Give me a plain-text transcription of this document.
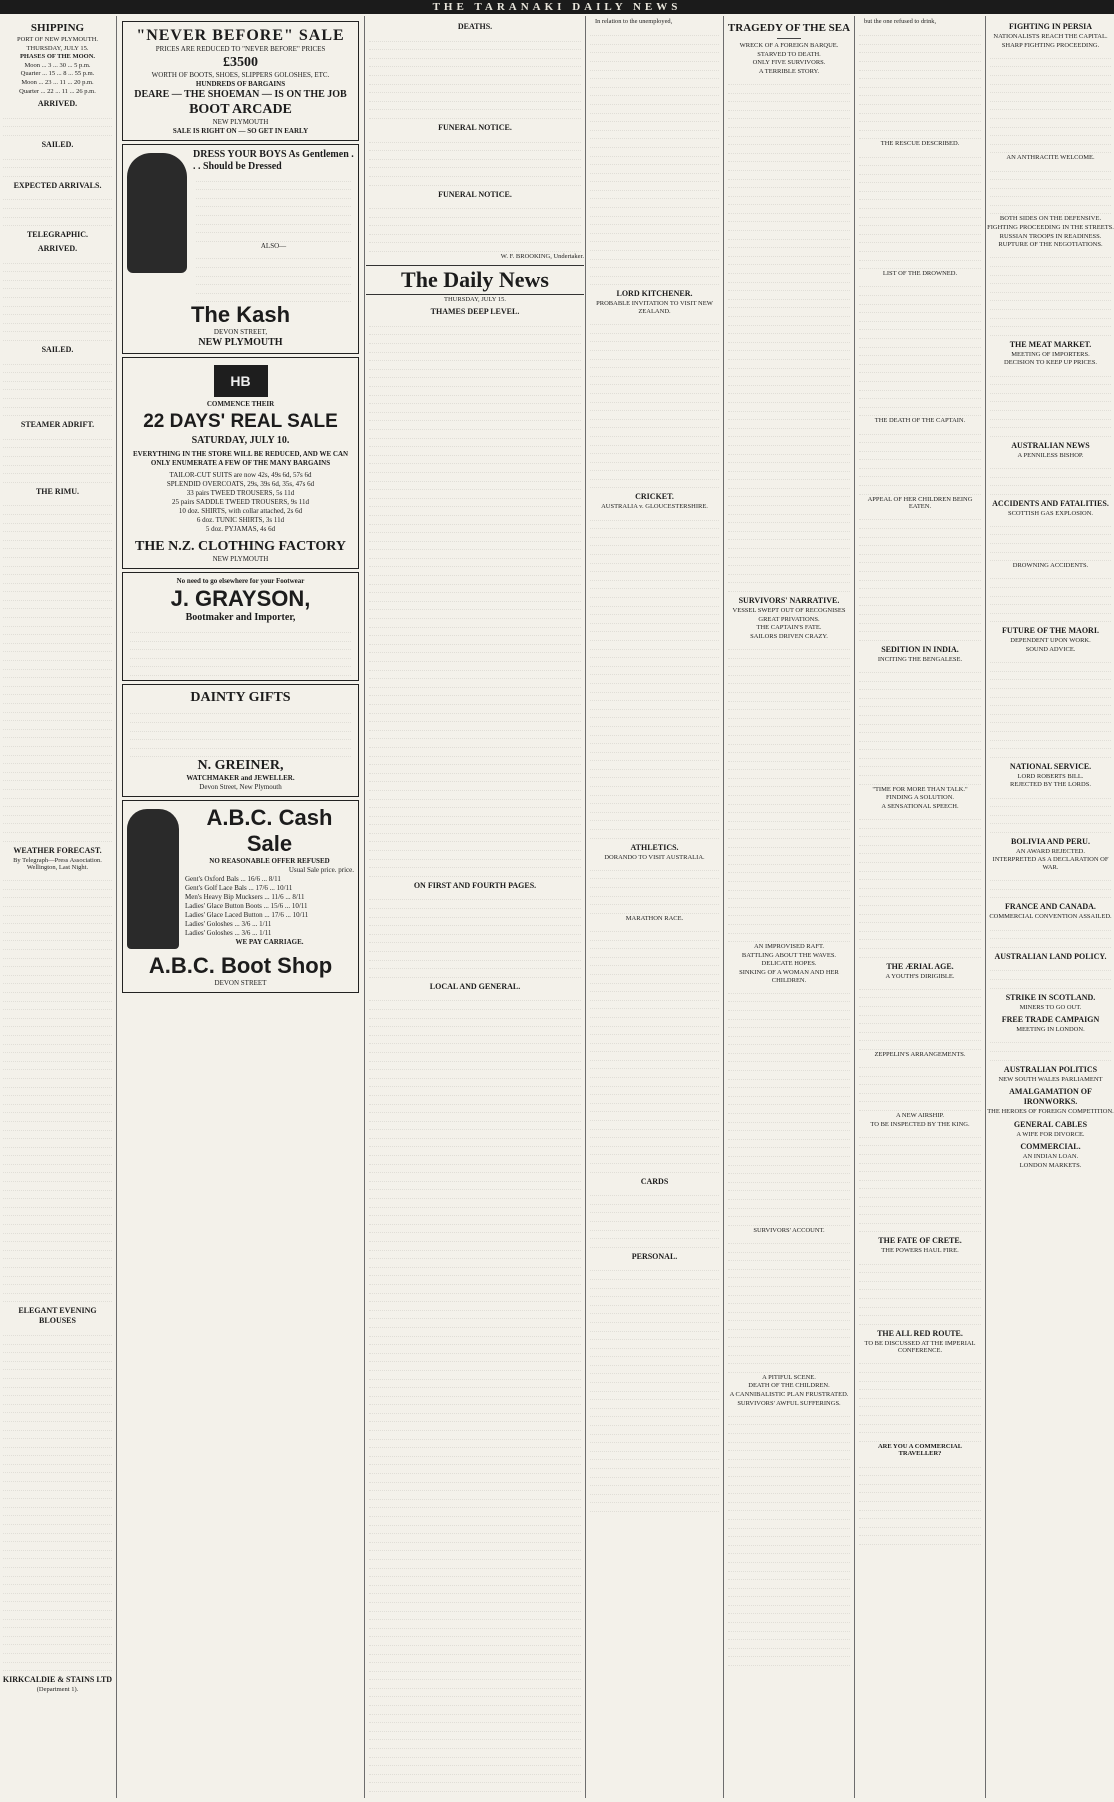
THE TARANAKI DAILY NEWS
SHIPPING
PORT OF NEW PLYMOUTH.
THURSDAY, JULY 15.
PHASES OF THE MOON.
Moon ... 3 ... 30 ... 5 p.m.
Quarter ... 15 ... 8 ... 55 p.m.
Moon ... 23 ... 11 ... 20 p.m.
Quarter ... 22 ... 11 ... 26 p.m.
ARRIVED.
SAILED.
EXPECTED ARRIVALS.
TELEGRAPHIC.
ARRIVED.
SAILED.
STEAMER ADRIFT.
THE RIMU.
WEATHER FORECAST.
By Telegraph—Press Association. Wellington, Last Night.
ELEGANT EVENING BLOUSES
KIRKCALDIE & STAINS LTD
(Department 1).
"NEVER BEFORE" SALE
PRICES ARE REDUCED TO "NEVER BEFORE" PRICES
£3500
WORTH OF BOOTS, SHOES, SLIPPERS GOLOSHES, ETC.
HUNDREDS OF BARGAINS
DEARE — THE SHOEMAN — IS ON THE JOB
BOOT ARCADE
NEW PLYMOUTH
SALE IS RIGHT ON — SO GET IN EARLY
DRESS YOUR BOYS As Gentlemen . . . Should be Dressed
ALSO—
The Kash
DEVON STREET,
NEW PLYMOUTH
HB
COMMENCE THEIR
22 DAYS' REAL SALE
SATURDAY, JULY 10.
EVERYTHING IN THE STORE WILL BE REDUCED, AND WE CAN ONLY ENUMERATE A FEW OF THE MANY BARGAINS
TAILOR-CUT SUITS are now 42s, 49s 6d, 57s 6d
SPLENDID OVERCOATS, 29s, 39s 6d, 35s, 47s 6d
33 pairs TWEED TROUSERS, 5s 11d
25 pairs SADDLE TWEED TROUSERS, 9s 11d
10 doz. SHIRTS, with collar attached, 2s 6d
6 doz. TUNIC SHIRTS, 3s 11d
5 doz. PYJAMAS, 4s 6d
THE N.Z. CLOTHING FACTORY
NEW PLYMOUTH
No need to go elsewhere for your Footwear
J. GRAYSON,
Bootmaker and Importer,
DAINTY GIFTS
N. GREINER,
WATCHMAKER and JEWELLER.
Devon Street, New Plymouth
A.B.C. Cash Sale
NO REASONABLE OFFER REFUSED
Usual Sale price. price.
Gent's Oxford Bals ... 16/6 ... 8/11
Gent's Golf Lace Bals ... 17/6 ... 10/11
Men's Heavy Bip Mucksers ... 11/6 ... 8/11
Ladies' Glace Button Boots ... 15/6 ... 10/11
Ladies' Glace Laced Button ... 17/6 ... 10/11
Ladies' Goloshes ... 3/6 ... 1/11
Ladies' Goloshes ... 3/6 ... 1/11
WE PAY CARRIAGE.
A.B.C. Boot Shop
DEVON STREET
DEATHS.
FUNERAL NOTICE.
FUNERAL NOTICE.
W. F. BROOKING, Undertaker.
The Daily News
THURSDAY, JULY 15.
THAMES DEEP LEVEL.
ON FIRST AND FOURTH PAGES.
LOCAL AND GENERAL.
In relation to the unemployed,
LORD KITCHENER.
PROBABLE INVITATION TO VISIT NEW ZEALAND.
CRICKET.
AUSTRALIA v. GLOUCESTERSHIRE.
ATHLETICS.
DORANDO TO VISIT AUSTRALIA.
MARATHON RACE.
CARDS
PERSONAL.
TRAGEDY OF THE SEA
WRECK OF A FOREIGN BARQUE.
STARVED TO DEATH.
ONLY FIVE SURVIVORS.
A TERRIBLE STORY.
SURVIVORS' NARRATIVE.
VESSEL SWEPT OUT OF RECOGNISES
GREAT PRIVATIONS.
THE CAPTAIN'S FATE.
SAILORS DRIVEN CRAZY.
AN IMPROVISED RAFT.
BATTLING ABOUT THE WAVES.
DELICATE HOPES.
SINKING OF A WOMAN AND HER CHILDREN.
SURVIVORS' ACCOUNT.
A PITIFUL SCENE.
DEATH OF THE CHILDREN.
A CANNIBALISTIC PLAN FRUSTRATED.
SURVIVORS' AWFUL SUFFERINGS.
but the one refused to drink,
THE RESCUE DESCRIBED.
LIST OF THE DROWNED.
THE DEATH OF THE CAPTAIN.
APPEAL OF HER CHILDREN BEING EATEN.
SEDITION IN INDIA.
INCITING THE BENGALESE.
"TIME FOR MORE THAN TALK."
FINDING A SOLUTION.
A SENSATIONAL SPEECH.
THE ÆRIAL AGE.
A YOUTH'S DIRIGIBLE.
ZEPPELIN'S ARRANGEMENTS.
A NEW AIRSHIP.
TO BE INSPECTED BY THE KING.
THE FATE OF CRETE.
THE POWERS HAUL FIRE.
THE ALL RED ROUTE.
TO BE DISCUSSED AT THE IMPERIAL CONFERENCE.
ARE YOU A COMMERCIAL TRAVELLER?
FIGHTING IN PERSIA
NATIONALISTS REACH THE CAPITAL.
SHARP FIGHTING PROCEEDING.
AN ANTHRACITE WELCOME.
BOTH SIDES ON THE DEFENSIVE.
FIGHTING PROCEEDING IN THE STREETS.
RUSSIAN TROOPS IN READINESS.
RUPTURE OF THE NEGOTIATIONS.
THE MEAT MARKET.
MEETING OF IMPORTERS.
DECISION TO KEEP UP PRICES.
AUSTRALIAN NEWS
A PENNILESS BISHOP.
ACCIDENTS AND FATALITIES.
SCOTTISH GAS EXPLOSION.
DROWNING ACCIDENTS.
FUTURE OF THE MAORI.
DEPENDENT UPON WORK.
SOUND ADVICE.
NATIONAL SERVICE.
LORD ROBERTS BILL.
REJECTED BY THE LORDS.
BOLIVIA AND PERU.
AN AWARD REJECTED.
INTERPRETED AS A DECLARATION OF WAR.
FRANCE AND CANADA.
COMMERCIAL CONVENTION ASSAILED.
AUSTRALIAN LAND POLICY.
STRIKE IN SCOTLAND.
MINERS TO GO OUT.
FREE TRADE CAMPAIGN
MEETING IN LONDON.
AUSTRALIAN POLITICS
NEW SOUTH WALES PARLIAMENT
AMALGAMATION OF IRONWORKS.
THE HEROES OF FOREIGN COMPETITION.
GENERAL CABLES
A WIFE FOR DIVORCE.
COMMERCIAL.
AN INDIAN LOAN.
LONDON MARKETS.
